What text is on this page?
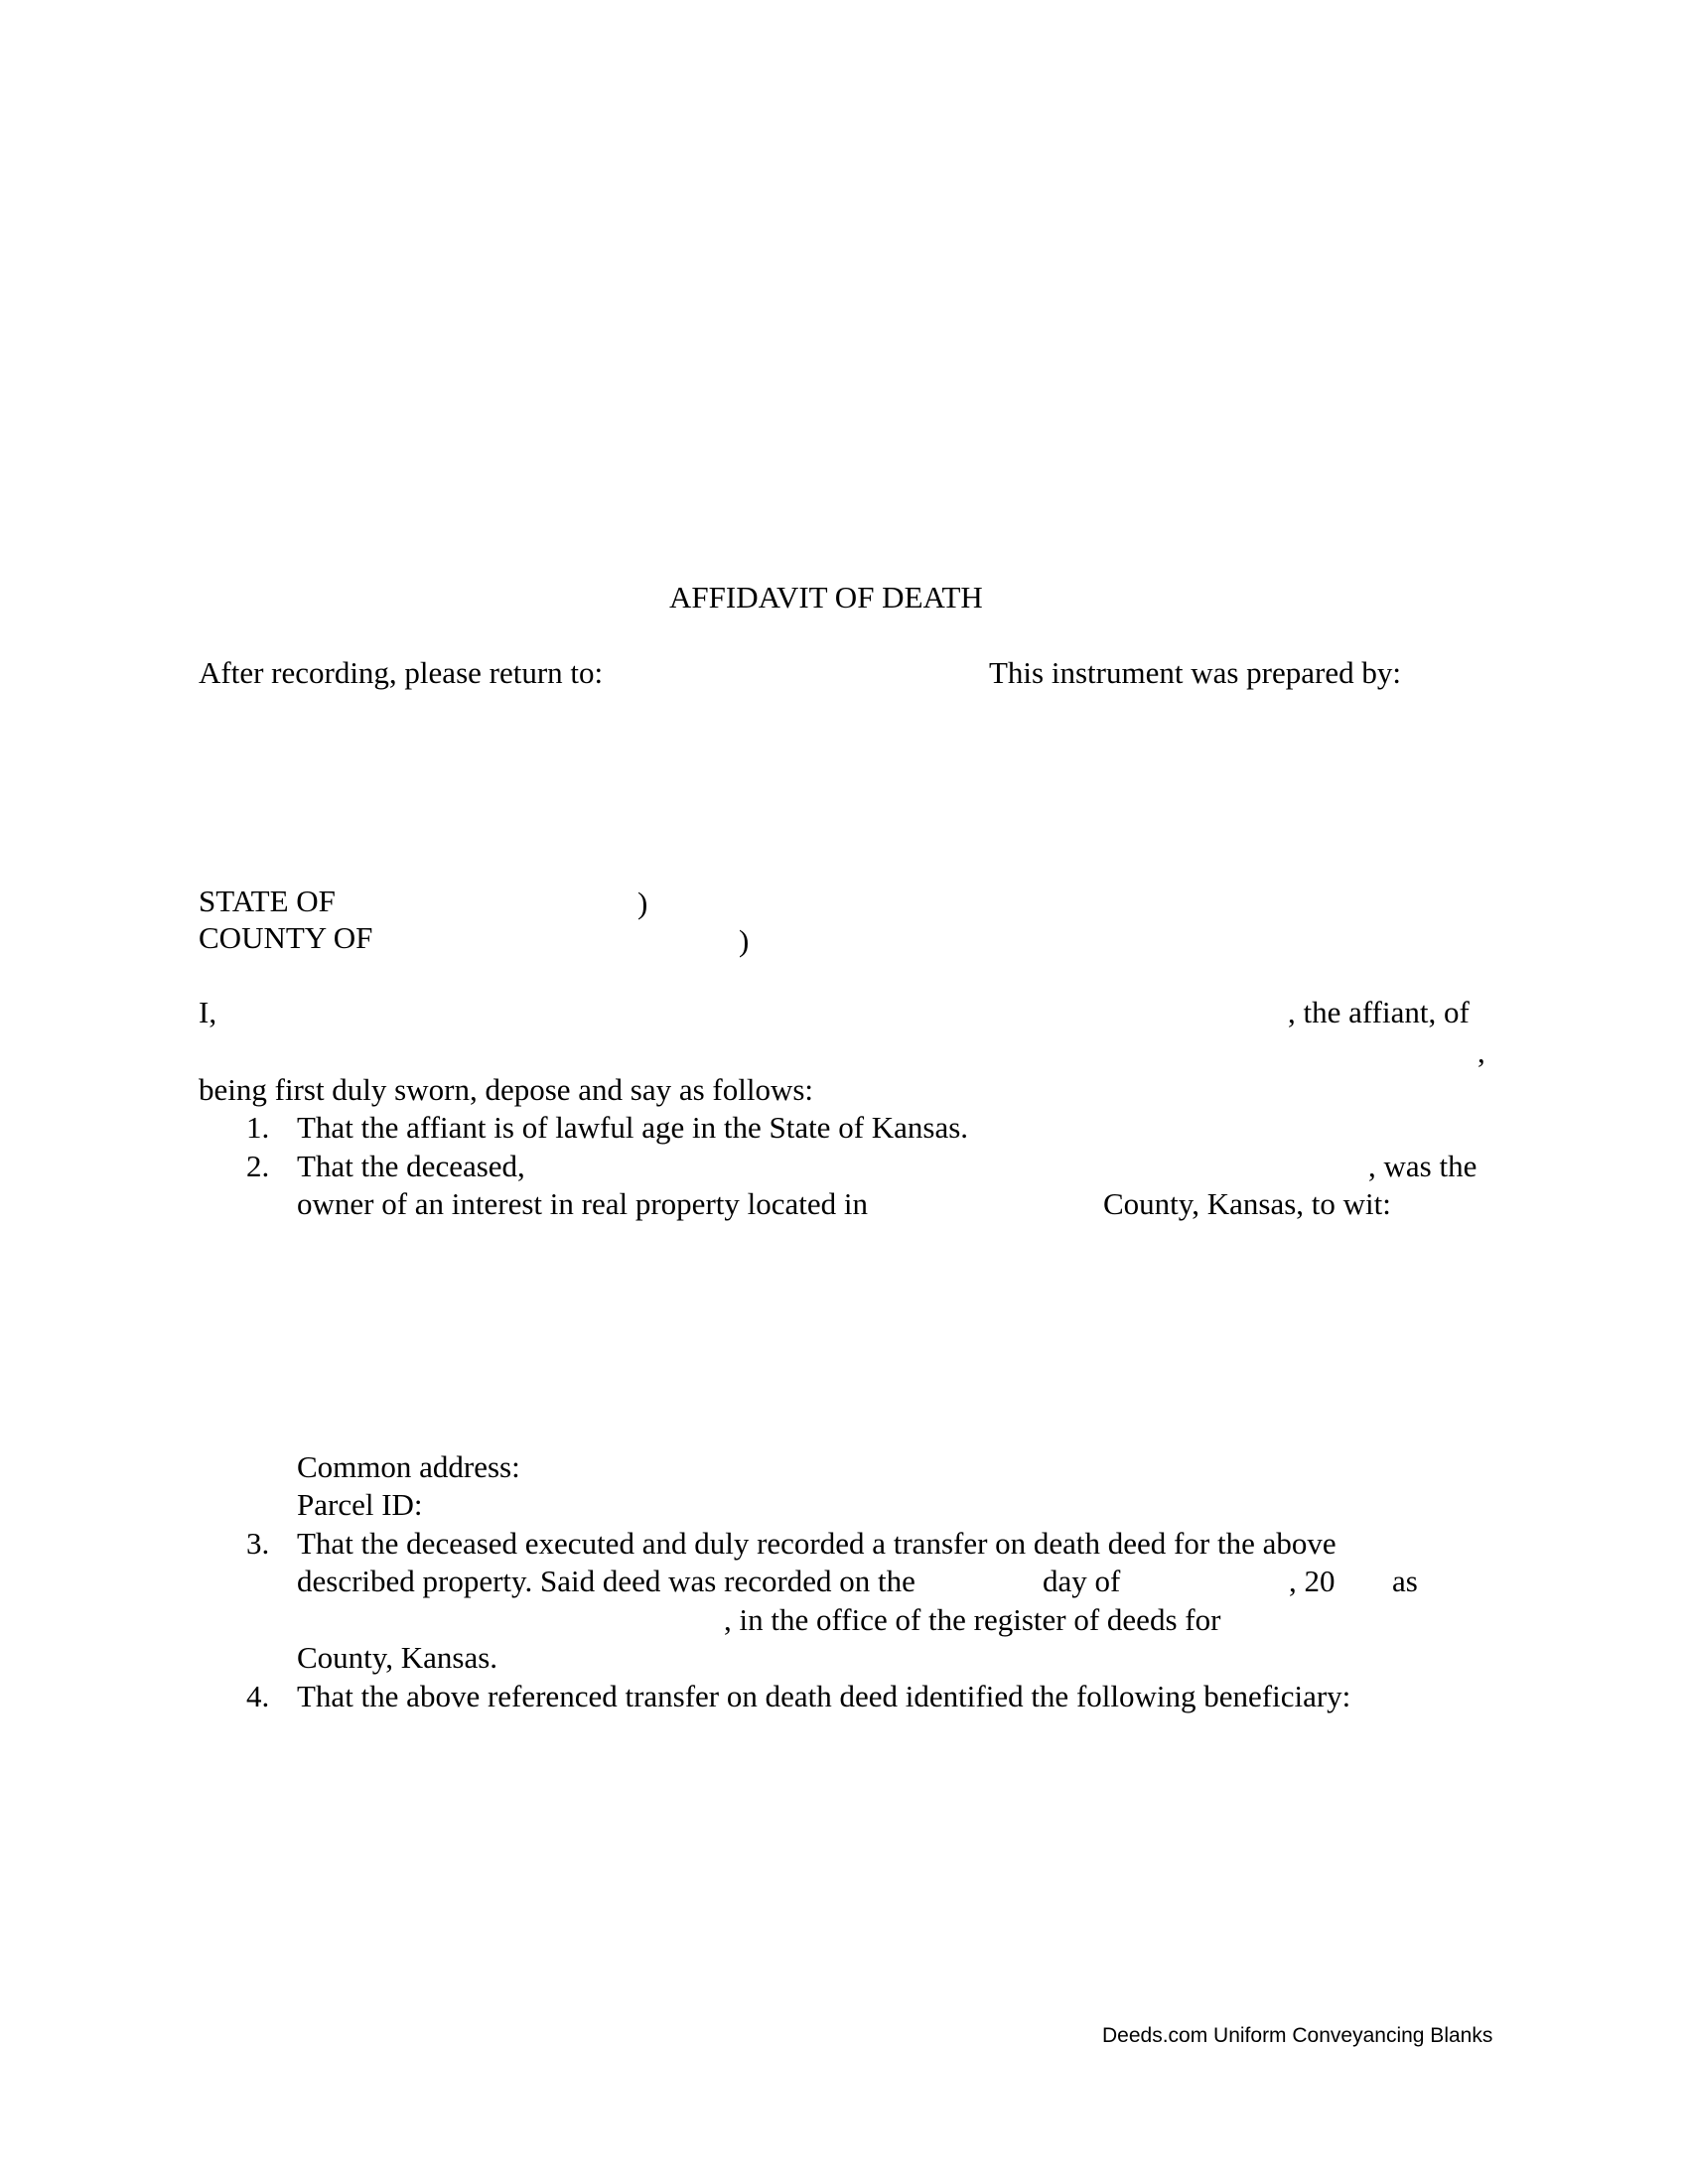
AFFIDAVIT OF DEATH
After recording, please return to:	This instrument was prepared by:
STATE OF	)
COUNTY OF	)
I,	, the affiant, of
,
being first duly sworn, depose and say as follows:
1. That the affiant is of lawful age in the State of Kansas.
2. That the deceased,	, was the
owner of an interest in real property located in	County, Kansas, to wit:
Common address:
Parcel ID:
3. That the deceased executed and duly recorded a transfer on death deed for the above
described property. Said deed was recorded on the	day of	, 20 as
, in the office of the register of deeds for
County, Kansas.
4. That the above referenced transfer on death deed identified the following beneficiary:
Deeds.com Uniform Conveyancing Blanks
